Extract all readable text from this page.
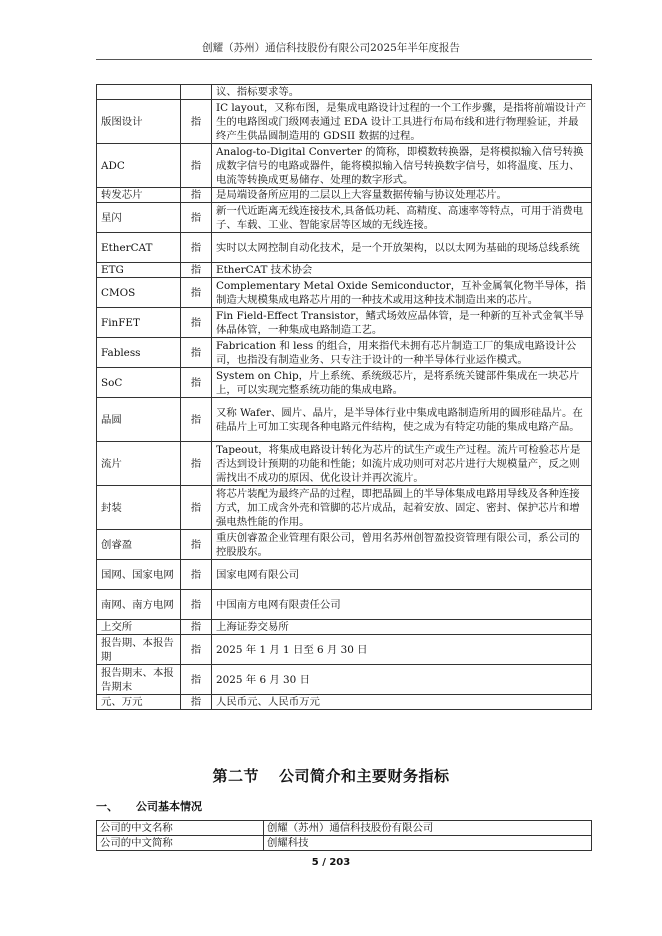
创耀（苏州）通信科技股份有限公司2025年半年度报告
		议、指标要求等。
版图设计	指	IC layout，又称布图，是集成电路设计过程的一个工作步骤，是指将前端设计产生的电路图或门级网表通过 EDA 设计工具进行布局布线和进行物理验证，并最终产生供晶圆制造用的 GDSII 数据的过程。
ADC	指	Analog-to-Digital Converter 的简称，即模数转换器，是将模拟输入信号转换成数字信号的电路或器件，能将模拟输入信号转换数字信号，如将温度、压力、电流等转换成更易储存、处理的数字形式。
转发芯片	指	是局端设备所应用的二层以上大容量数据传输与协议处理芯片。
星闪	指	新一代近距离无线连接技术,具备低功耗、高精度、高速率等特点，可用于消费电子、车载、工业、智能家居等区域的无线连接。
EtherCAT	指	实时以太网控制自动化技术，是一个开放架构，以以太网为基础的现场总线系统
ETG	指	EtherCAT 技术协会
CMOS	指	Complementary Metal Oxide Semiconductor，互补金属氧化物半导体，指制造大规模集成电路芯片用的一种技术或用这种技术制造出来的芯片。
FinFET	指	Fin Field-Effect Transistor，鳍式场效应晶体管，是一种新的互补式金氧半导体晶体管，一种集成电路制造工艺。
Fabless	指	Fabrication 和 less 的组合，用来指代未拥有芯片制造工厂的集成电路设计公司，也指没有制造业务、只专注于设计的一种半导体行业运作模式。
SoC	指	System on Chip，片上系统、系统级芯片，是将系统关键部件集成在一块芯片上，可以实现完整系统功能的集成电路。
晶圆	指	又称 Wafer、圆片、晶片，是半导体行业中集成电路制造所用的圆形硅晶片。在硅晶片上可加工实现各种电路元件结构，使之成为有特定功能的集成电路产品。
流片	指	Tapeout，将集成电路设计转化为芯片的试生产或生产过程。流片可检验芯片是否达到设计预期的功能和性能；如流片成功则可对芯片进行大规模量产，反之则需找出不成功的原因、优化设计并再次流片。
封装	指	将芯片装配为最终产品的过程，即把晶圆上的半导体集成电路用导线及各种连接方式，加工成含外壳和管脚的芯片成品，起着安放、固定、密封、保护芯片和增强电热性能的作用。
创睿盈	指	重庆创睿盈企业管理有限公司，曾用名苏州创智盈投资管理有限公司，系公司的控股股东。
国网、国家电网	指	国家电网有限公司
南网、南方电网	指	中国南方电网有限责任公司
上交所	指	上海证券交易所
报告期、本报告期	指	2025 年 1 月 1 日至 6 月 30 日
报告期末、本报告期末	指	2025 年 6 月 30 日
元、万元	指	人民币元、人民币万元
第二节 公司简介和主要财务指标
一、 公司基本情况
公司的中文名称	创耀（苏州）通信科技股份有限公司
公司的中文简称	创耀科技
5 / 203
